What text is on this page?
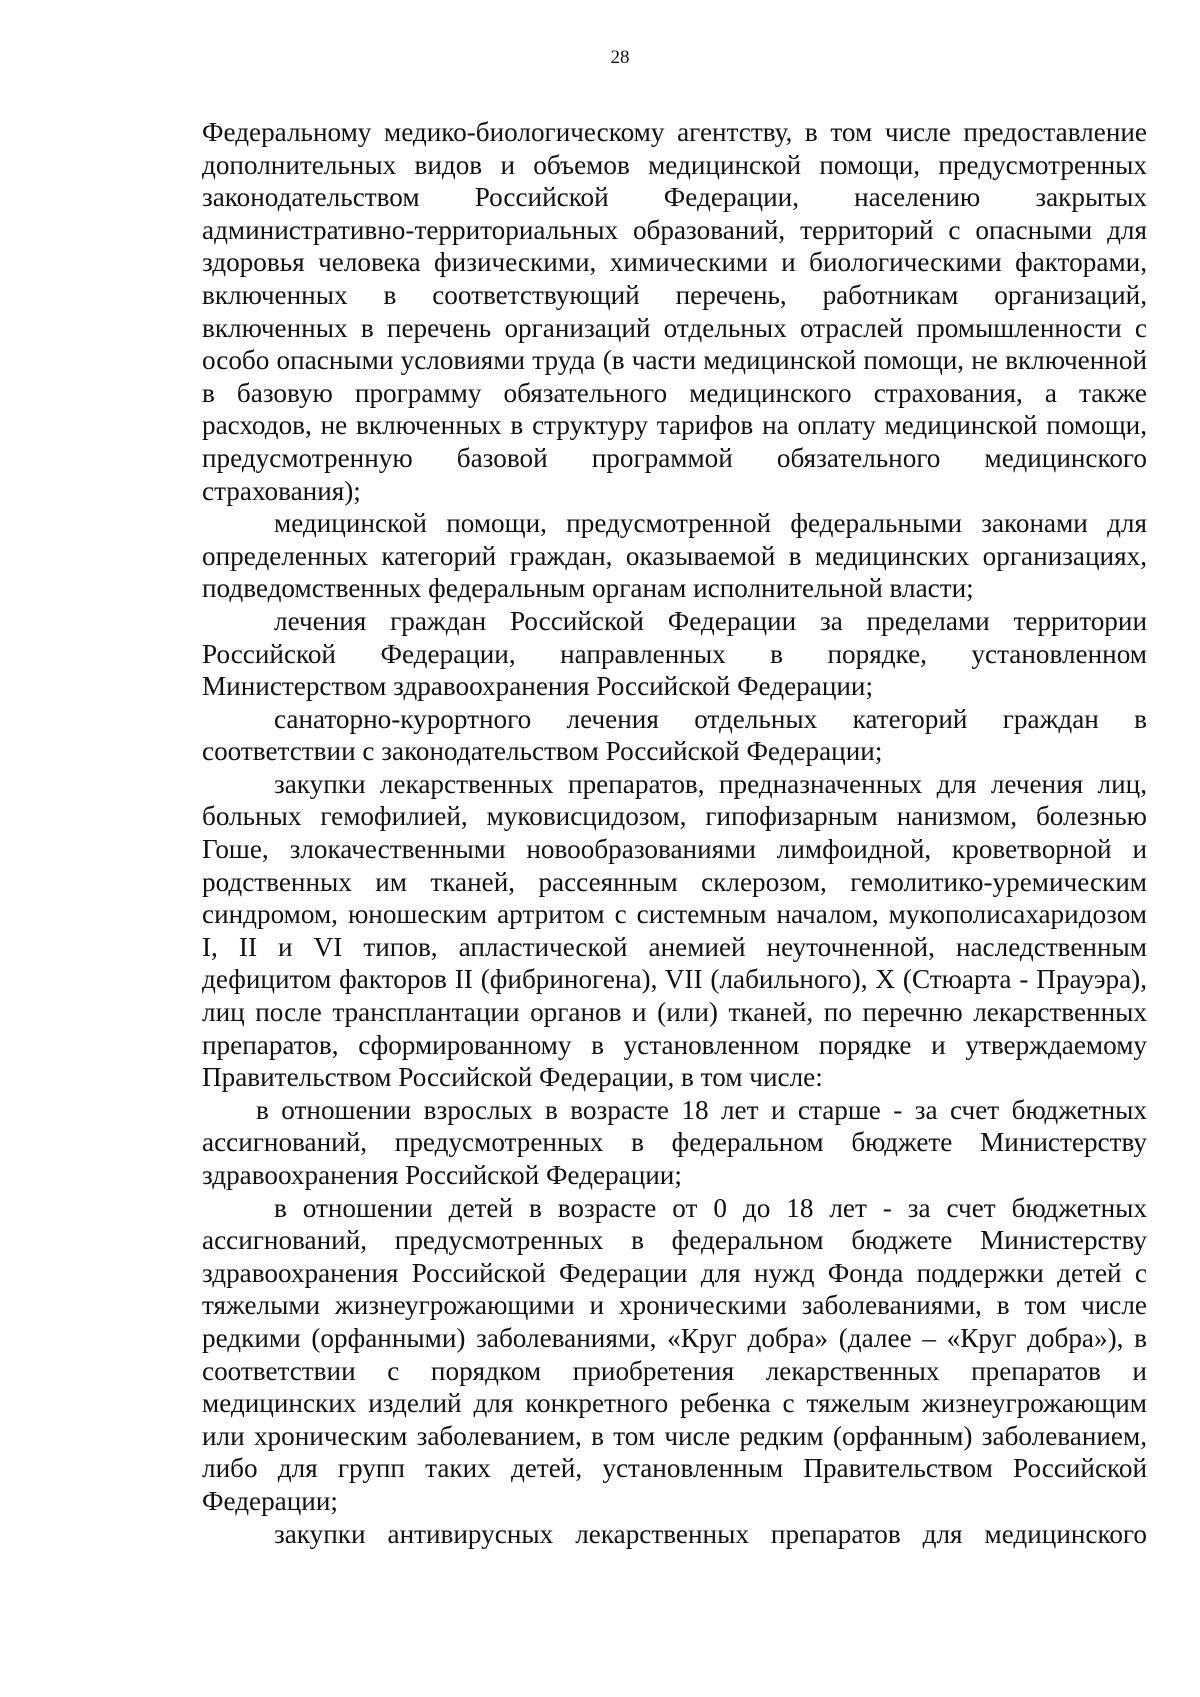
28

Федеральному медико-биологическому агентству, в том числе предоставление дополнительных видов и объемов медицинской помощи, предусмотренных законодательством Российской Федерации, населению закрытых административно-территориальных образований, территорий с опасными для здоровья человека физическими, химическими и биологическими факторами, включенных в соответствующий перечень, работникам организаций, включенных в перечень организаций отдельных отраслей промышленности с особо опасными условиями труда (в части медицинской помощи, не включенной в базовую программу обязательного медицинского страхования, а также расходов, не включенных в структуру тарифов на оплату медицинской помощи, предусмотренную базовой программой обязательного медицинского страхования);

медицинской помощи, предусмотренной федеральными законами для определенных категорий граждан, оказываемой в медицинских организациях, подведомственных федеральным органам исполнительной власти;

лечения граждан Российской Федерации за пределами территории Российской Федерации, направленных в порядке, установленном Министерством здравоохранения Российской Федерации;

санаторно-курортного лечения отдельных категорий граждан в соответствии с законодательством Российской Федерации;

закупки лекарственных препаратов, предназначенных для лечения лиц, больных гемофилией, муковисцидозом, гипофизарным нанизмом, болезнью Гоше, злокачественными новообразованиями лимфоидной, кроветворной и родственных им тканей, рассеянным склерозом, гемолитико-уремическим синдромом, юношеским артритом с системным началом, мукополисахаридозом I, II и VI типов, апластической анемией неуточненной, наследственным дефицитом факторов II (фибриногена), VII (лабильного), X (Стюарта - Прауэра), лиц после трансплантации органов и (или) тканей, по перечню лекарственных препаратов, сформированному в установленном порядке и утверждаемому Правительством Российской Федерации, в том числе:

в отношении взрослых в возрасте 18 лет и старше - за счет бюджетных ассигнований, предусмотренных в федеральном бюджете Министерству здравоохранения Российской Федерации;

в отношении детей в возрасте от 0 до 18 лет - за счет бюджетных ассигнований, предусмотренных в федеральном бюджете Министерству здравоохранения Российской Федерации для нужд Фонда поддержки детей с тяжелыми жизнеугрожающими и хроническими заболеваниями, в том числе редкими (орфанными) заболеваниями, «Круг добра» (далее – «Круг добра»), в соответствии с порядком приобретения лекарственных препаратов и медицинских изделий для конкретного ребенка с тяжелым жизнеугрожающим или хроническим заболеванием, в том числе редким (орфанным) заболеванием, либо для групп таких детей, установленным Правительством Российской Федерации;

закупки антивирусных лекарственных препаратов для медицинского
